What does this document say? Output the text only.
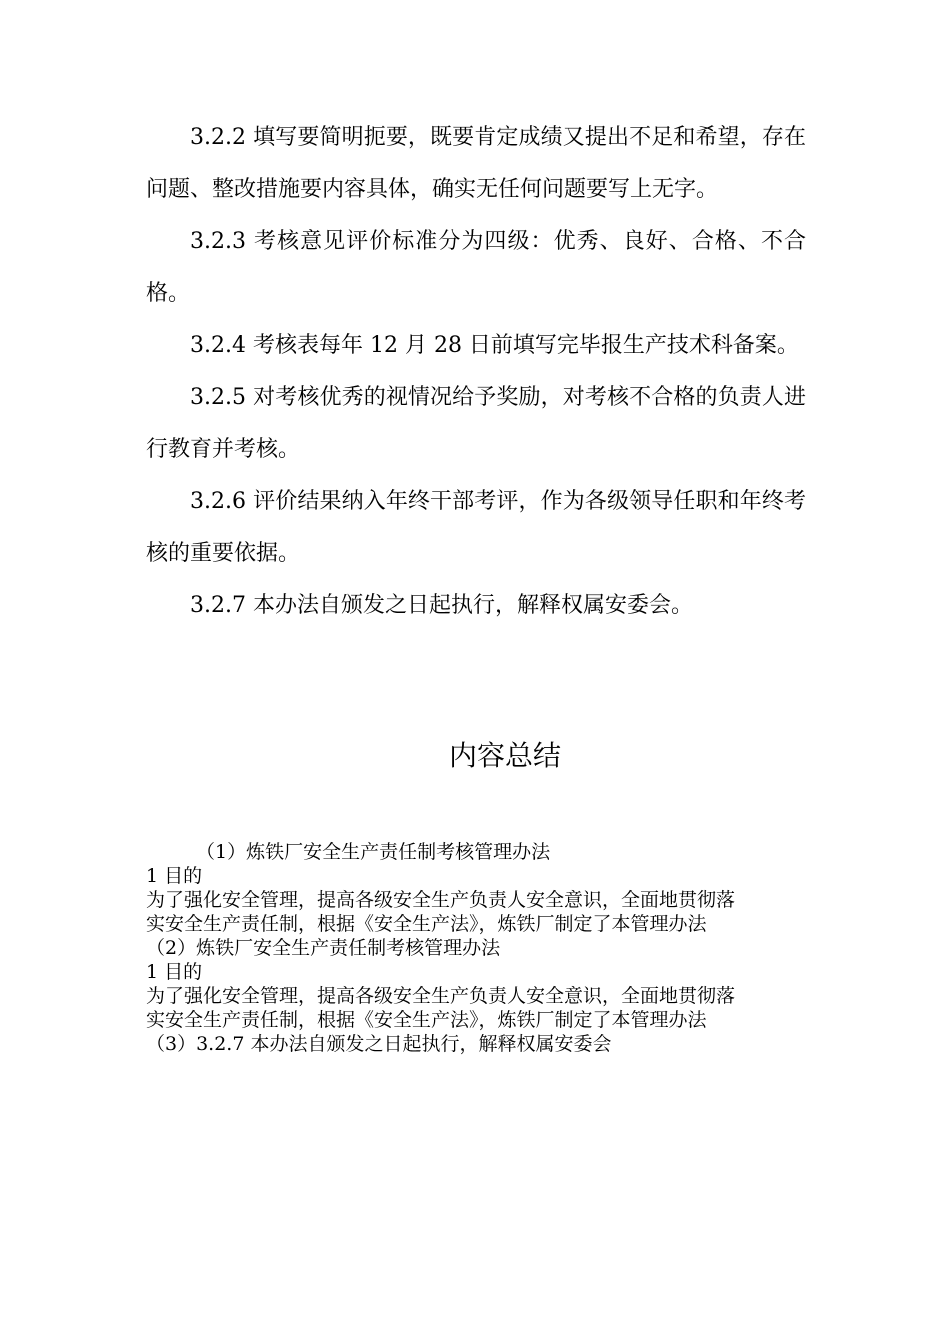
3.2.2 填写要简明扼要，既要肯定成绩又提出不足和希望，存在问题、整改措施要内容具体，确实无任何问题要写上无字。

3.2.3 考核意见评价标准分为四级：优秀、良好、合格、不合格。

3.2.4 考核表每年 12 月 28 日前填写完毕报生产技术科备案。

3.2.5 对考核优秀的视情况给予奖励，对考核不合格的负责人进行教育并考核。

3.2.6 评价结果纳入年终干部考评，作为各级领导任职和年终考核的重要依据。

3.2.7 本办法自颁发之日起执行，解释权属安委会。

内容总结

（1）炼铁厂安全生产责任制考核管理办法

1 目的

为了强化安全管理，提高各级安全生产负责人安全意识，全面地贯彻落

实安全生产责任制，根据《安全生产法》，炼铁厂制定了本管理办法

（2）炼铁厂安全生产责任制考核管理办法

1 目的

为了强化安全管理，提高各级安全生产负责人安全意识，全面地贯彻落

实安全生产责任制，根据《安全生产法》，炼铁厂制定了本管理办法

（3）3.2.7 本办法自颁发之日起执行，解释权属安委会
